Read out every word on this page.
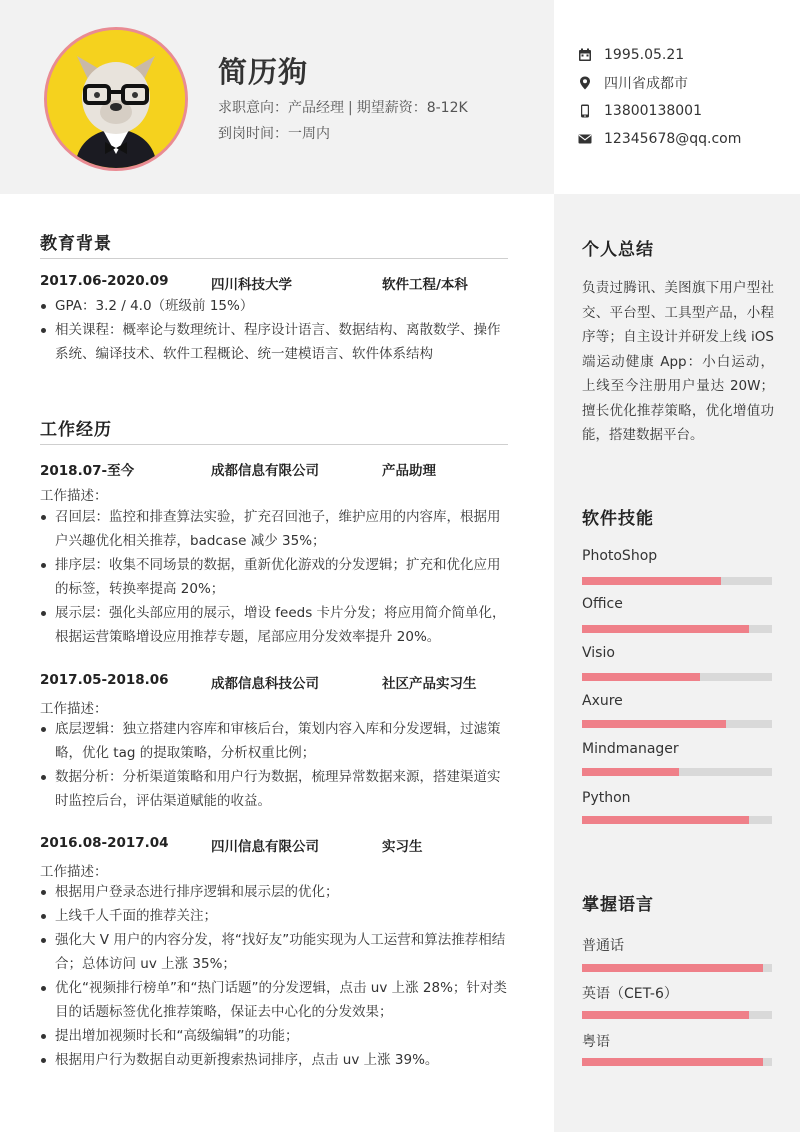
简历狗
求职意向：产品经理 | 期望薪资：8-12K
到岗时间：一周内
个人总结
负责过腾讯、美图旗下用户型社交、平台型、工具型产品，小程序等；自主设计并研发上线 iOS 端运动健康 App：小白运动，上线至今注册用户量达 20W；擅长优化推荐策略，优化增值功能，搭建数据平台。
软件技能
PhotoShop
Office
Visio
Axure
Mindmanager
Python
掌握语言
普通话
英语（CET-6）
粤语
1995.05.21
四川省成都市
13800138001
12345678@qq.com
教育背景
2017.06-2020.09	四川科技大学	软件工程/本科
GPA：3.2 / 4.0（班级前 15%）
相关课程：概率论与数理统计、程序设计语言、数据结构、离散数学、操作系统、编译技术、软件工程概论、统一建模语言、软件体系结构
工作经历
2018.07-至今	成都信息有限公司	产品助理
工作描述：
召回层：监控和排查算法实验，扩充召回池子，维护应用的内容库，根据用户兴趣优化相关推荐，badcase 减少 35%；
排序层：收集不同场景的数据，重新优化游戏的分发逻辑；扩充和优化应用的标签，转换率提高 20%；
展示层：强化头部应用的展示，增设 feeds 卡片分发；将应用简介简单化，根据运营策略增设应用推荐专题，尾部应用分发效率提升 20%。
2017.05-2018.06	成都信息科技公司	社区产品实习生
工作描述：
底层逻辑：独立搭建内容库和审核后台，策划内容入库和分发逻辑，过滤策略，优化 tag 的提取策略，分析权重比例；
数据分析：分析渠道策略和用户行为数据，梳理异常数据来源，搭建渠道实时监控后台，评估渠道赋能的收益。
2016.08-2017.04	四川信息有限公司	实习生
工作描述：
根据用户登录态进行排序逻辑和展示层的优化；
上线千人千面的推荐关注；
强化大 V 用户的内容分发，将“找好友”功能实现为人工运营和算法推荐相结合；总体访问 uv 上涨 35%；
优化“视频排行榜单”和“热门话题”的分发逻辑，点击 uv 上涨 28%；针对类目的话题标签优化推荐策略，保证去中心化的分发效果；
提出增加视频时长和“高级编辑”的功能；
根据用户行为数据自动更新搜索热词排序，点击 uv 上涨 39%。
